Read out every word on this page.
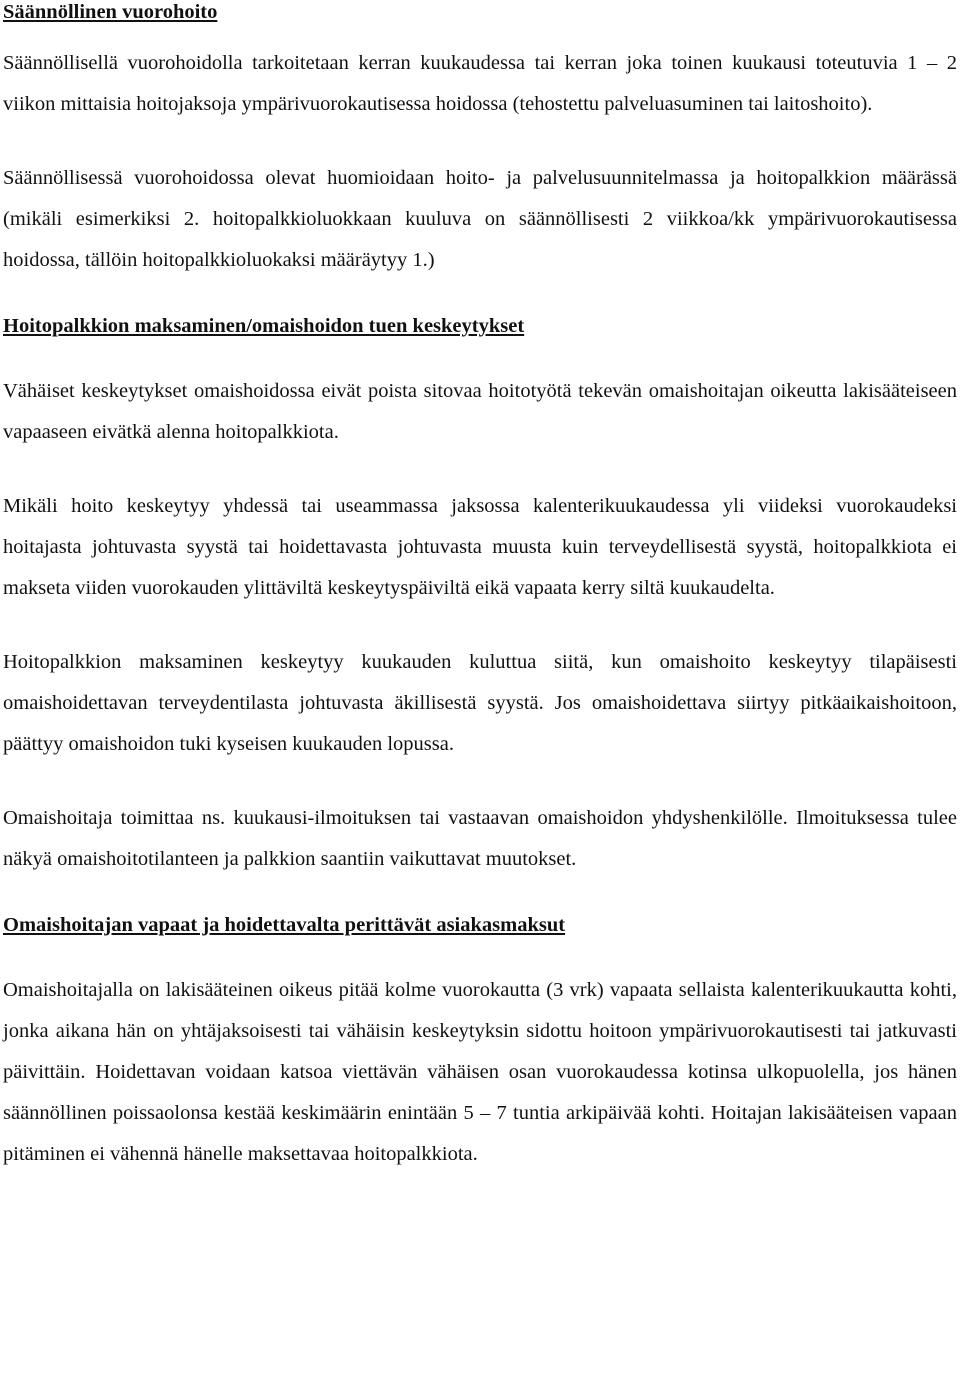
Säännöllinen vuorohoito

Säännöllisellä vuorohoidolla tarkoitetaan kerran kuukaudessa tai kerran joka toinen kuukausi toteutuvia 1 – 2 viikon mittaisia hoitojaksoja ympärivuorokautisessa hoidossa (tehostettu palveluasuminen tai laitoshoito).

Säännöllisessä vuorohoidossa olevat huomioidaan hoito- ja palvelusuunnitelmassa ja hoitopalkkion määrässä (mikäli esimerkiksi 2. hoitopalkkioluokkaan kuuluva on säännöllisesti 2 viikkoa/kk ympärivuorokautisessa hoidossa, tällöin hoitopalkkioluokaksi määräytyy 1.)

Hoitopalkkion maksaminen/omaishoidon tuen keskeytykset

Vähäiset keskeytykset omaishoidossa eivät poista sitovaa hoitotyötä tekevän omaishoitajan oikeutta lakisääteiseen vapaaseen eivätkä alenna hoitopalkkiota.

Mikäli hoito keskeytyy yhdessä tai useammassa jaksossa kalenterikuukaudessa yli viideksi vuorokaudeksi hoitajasta johtuvasta syystä tai hoidettavasta johtuvasta muusta kuin terveydellisestä syystä, hoitopalkkiota ei makseta viiden vuorokauden ylittäviltä keskeytyspäiviltä eikä vapaata kerry siltä kuukaudelta.

Hoitopalkkion maksaminen keskeytyy kuukauden kuluttua siitä, kun omaishoito keskeytyy tilapäisesti omaishoidettavan terveydentilasta johtuvasta äkillisestä syystä. Jos omaishoidettava siirtyy pitkäaikaishoitoon, päättyy omaishoidon tuki kyseisen kuukauden lopussa.

Omaishoitaja toimittaa ns. kuukausi-ilmoituksen tai vastaavan omaishoidon yhdyshenkilölle. Ilmoituksessa tulee näkyä omaishoitotilanteen ja palkkion saantiin vaikuttavat muutokset.

Omaishoitajan vapaat ja hoidettavalta perittävät asiakasmaksut

Omaishoitajalla on lakisääteinen oikeus pitää kolme vuorokautta (3 vrk) vapaata sellaista kalenterikuukautta kohti, jonka aikana hän on yhtäjaksoisesti tai vähäisin keskeytyksin sidottu hoitoon ympärivuorokautisesti tai jatkuvasti päivittäin. Hoidettavan voidaan katsoa viettävän vähäisen osan vuorokaudessa kotinsa ulkopuolella, jos hänen säännöllinen poissaolonsa kestää keskimäärin enintään 5 – 7 tuntia arkipäivää kohti. Hoitajan lakisääteisen vapaan pitäminen ei vähennä hänelle maksettavaa hoitopalkkiota.
